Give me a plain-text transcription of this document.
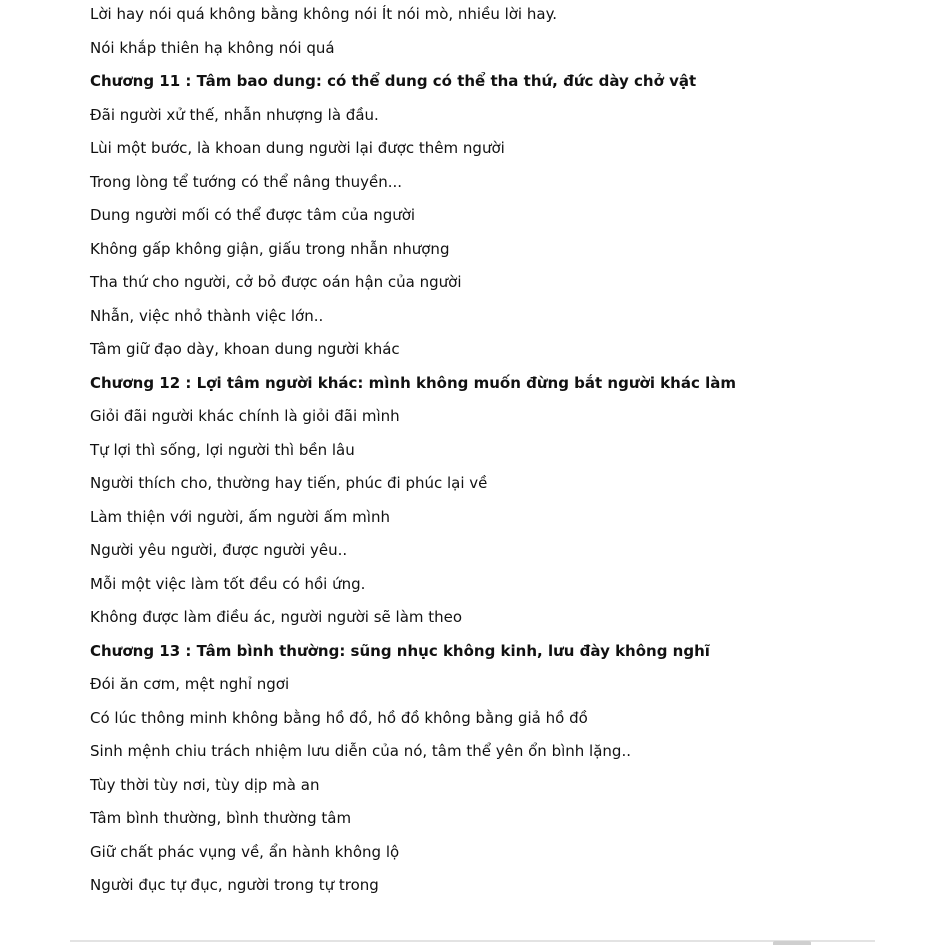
Lời hay nói quá không bằng không nói Ít nói mò, nhiều lời hay.
Nói khắp thiên hạ không nói quá
Chương 11 : Tâm bao dung: có thể dung có thể tha thứ, đức dày chở vật
Đãi người xử thế, nhẫn nhượng là đầu.
Lùi một bước, là khoan dung người lại được thêm người
Trong lòng tể tướng có thể nâng thuyền...
Dung người mối có thể được tâm của người
Không gấp không giận, giấu trong nhẫn nhượng
Tha thứ cho người, cở bỏ được oán hận của người
Nhẫn, việc nhỏ thành việc lớn..
Tâm giữ đạo dày, khoan dung người khác
Chương 12 : Lợi tâm người khác: mình không muốn đừng bắt người khác làm
Giỏi đãi người khác chính là giỏi đãi mình
Tự lợi thì sống, lợi người thì bền lâu
Người thích cho, thường hay tiến, phúc đi phúc lại về
Làm thiện với người, ấm người ấm mình
Người yêu người, được người yêu..
Mỗi một việc làm tốt đều có hồi ứng.
Không được làm điều ác, người người sẽ làm theo
Chương 13 : Tâm bình thường: sũng nhục không kinh, lưu đày không nghĩ
Đói ăn cơm, mệt nghỉ ngơi
Có lúc thông minh không bằng hồ đồ, hồ đồ không bằng giả hồ đồ
Sinh mệnh chiu trách nhiệm lưu diễn của nó, tâm thể yên ổn bình lặng..
Tùy thời tùy nơi, tùy dịp mà an
Tâm bình thường, bình thường tâm
Giữ chất phác vụng về, ẩn hành không lộ
Người đục tự đục, người trong tự trong
